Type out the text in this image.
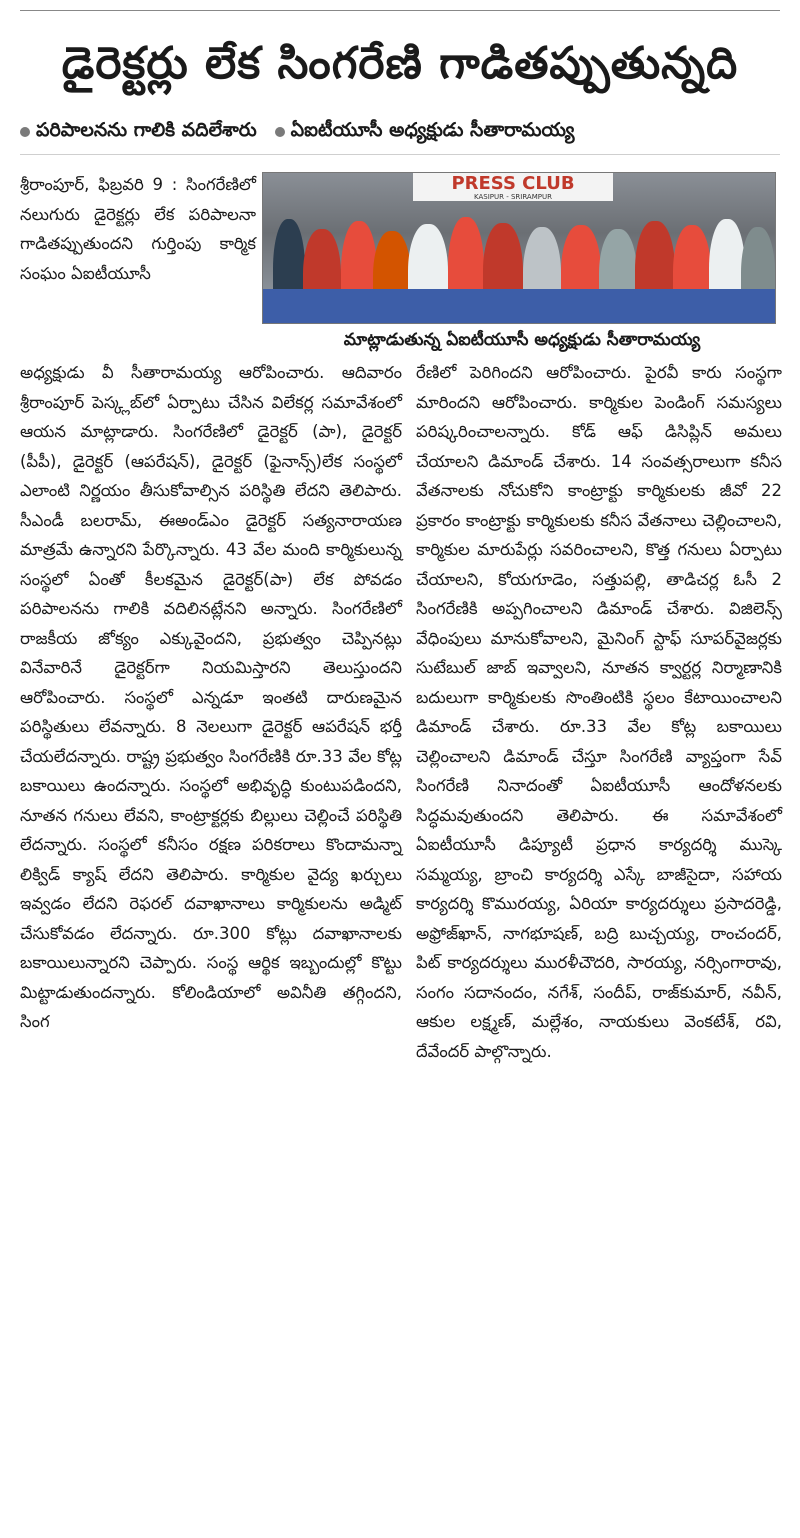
డైరెక్టర్లు లేక సింగరేణి గాడితప్పుతున్నది
పరిపాలనను గాలికి వదిలేశారు ఏఐటీయూసీ అధ్యక్షుడు సీతారామయ్య

శ్రీరాంపూర్, ఫిబ్రవరి 9 : సింగరేణిలో నలుగురు డైరెక్టర్లు లేక పరిపాలనా గాడితప్పుతుందని గుర్తింపు కార్మిక సంఘం ఏఐటీయూసీ

PRESS CLUB
KASIPUR - SRIRAMPUR
మాట్లాడుతున్న ఏఐటీయూసీ అధ్యక్షుడు సీతారామయ్య

అధ్యక్షుడు వీ సీతారామయ్య ఆరోపించారు. ఆదివారం శ్రీరాంపూర్ పెస్క్లబ్‌లో ఏర్పాటు చేసిన విలేకర్ల సమావేశంలో ఆయన మాట్లాడారు. సింగరేణిలో డైరెక్టర్ (పా), డైరెక్టర్ (పీపీ), డైరెక్టర్ (ఆపరేషన్), డైరెక్టర్ (ఫైనాన్స్)లేక సంస్థలో ఎలాంటి నిర్ణయం తీసుకోవాల్సిన పరిస్థితి లేదని తెలిపారు. సీఎండీ బలరామ్, ఈఅండ్‌ఎం డైరెక్టర్ సత్యనారాయణ మాత్రమే ఉన్నారని పేర్కొన్నారు. 43 వేల మంది కార్మికులున్న సంస్థలో ఏంతో కీలకమైన డైరెక్టర్(పా) లేక పోవడం పరిపాలనను గాలికి వదిలినట్లేనని అన్నారు. సింగరేణిలో రాజకీయ జోక్యం ఎక్కువైందని, ప్రభుత్వం చెప్పినట్లు వినేవారినే డైరెక్టర్‌గా నియమిస్తారని తెలుస్తుందని ఆరోపించారు. సంస్థలో ఎన్నడూ ఇంతటి దారుణమైన పరిస్థితులు లేవన్నారు. 8 నెలలుగా డైరెక్టర్ ఆపరేషన్ భర్తీ చేయలేదన్నారు. రాష్ట్ర ప్రభుత్వం సింగరేణికి రూ.33 వేల కోట్ల బకాయిలు ఉందన్నారు. సంస్థలో అభివృద్ధి కుంటుపడిందని, నూతన గనులు లేవని, కాంట్రాక్టర్లకు బిల్లులు చెల్లించే పరిస్థితి లేదన్నారు. సంస్థలో కనీసం రక్షణ పరికరాలు కొందామన్నా లిక్విడ్ క్యాష్ లేదని తెలిపారు. కార్మికుల వైద్య ఖర్చులు ఇవ్వడం లేదని రెఫరల్ దవాఖానాలు కార్మికులను అడ్మిట్ చేసుకోవడం లేదన్నారు. రూ.300 కోట్లు దవాఖానాలకు బకాయిలున్నారని చెప్పారు. సంస్థ ఆర్థిక ఇబ్బందుల్లో కొట్టు మిట్టాడుతుందన్నారు. కోలిండియాలో అవినీతి తగ్గిందని, సింగ

రేణిలో పెరిగిందని ఆరోపించారు. పైరవీ కారు సంస్థగా మారిందని ఆరోపించారు. కార్మికుల పెండింగ్ సమస్యలు పరిష్కరించాలన్నారు. కోడ్ ఆఫ్ డిసిప్లిన్ అమలు చేయాలని డిమాండ్ చేశారు. 14 సంవత్సరాలుగా కనీస వేతనాలకు నోచుకోని కాంట్రాక్టు కార్మికులకు జీవో 22 ప్రకారం కాంట్రాక్టు కార్మికులకు కనీస వేతనాలు చెల్లించాలని, కార్మికుల మారుపేర్లు సవరించాలని, కొత్త గనులు ఏర్పాటు చేయాలని, కోయగూడెం, సత్తుపల్లి, తాడిచర్ల ఓసీ 2 సింగరేణికి అప్పగించాలని డిమాండ్ చేశారు. విజిలెన్స్ వేధింపులు మానుకోవాలని, మైనింగ్ స్టాఫ్ సూపర్‌వైజర్లకు సుటేబుల్ జాబ్ ఇవ్వాలని, నూతన క్వార్టర్ల నిర్మాణానికి బదులుగా కార్మికులకు సొంతింటికి స్థలం కేటాయించాలని డిమాండ్ చేశారు. రూ.33 వేల కోట్ల బకాయిలు చెల్లించాలని డిమాండ్ చేస్తూ సింగరేణి వ్యాప్తంగా సేవ్ సింగరేణి నినాదంతో ఏఐటీయూసీ ఆందోళనలకు సిద్ధమవుతుందని తెలిపారు. ఈ సమావేశంలో ఏఐటీయూసీ డిప్యూటీ ప్రధాన కార్యదర్శి ముస్కె సమ్మయ్య, బ్రాంచి కార్యదర్శి ఎస్కే బాజీసైదా, సహాయ కార్యదర్శి కొమురయ్య, ఏరియా కార్యదర్శులు ప్రసాదరెడ్డి, అఫ్రోజ్‌ఖాన్, నాగభూషణ్, బద్రి బుచ్చయ్య, రాంచందర్, పిట్ కార్యదర్శులు మురళీచౌదరి, సారయ్య, నర్సింగారావు, సంగం సదానందం, నగేశ్, సందీప్, రాజ్‌కుమార్, నవీన్, ఆకుల లక్ష్మణ్, మల్లేశం, నాయకులు వెంకటేశ్, రవి, దేవేందర్ పాల్గొన్నారు.
